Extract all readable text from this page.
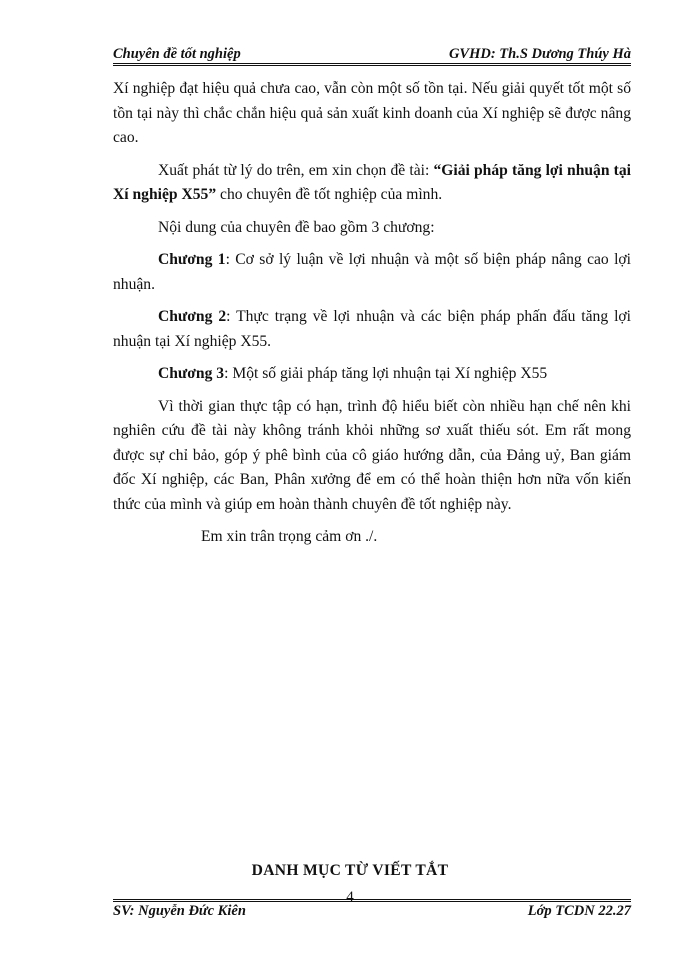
Chuyên đề tốt nghiệp	GVHD: Th.S Dương Thúy Hà

Xí nghiệp đạt hiệu quả chưa cao, vẫn còn một số tồn tại. Nếu giải quyết tốt một số tồn tại này thì chắc chắn hiệu quả sản xuất kinh doanh của Xí nghiệp sẽ được nâng cao.

Xuất phát từ lý do trên, em xin chọn đề tài: “Giải pháp tăng lợi nhuận tại Xí nghiệp X55” cho chuyên đề tốt nghiệp của mình.

Nội dung của chuyên đề bao gồm 3 chương:

Chương 1: Cơ sở lý luận về lợi nhuận và một số biện pháp nâng cao lợi nhuận.

Chương 2: Thực trạng về lợi nhuận và các biện pháp phấn đấu tăng lợi nhuận tại Xí nghiệp X55.

Chương 3: Một số giải pháp tăng lợi nhuận tại Xí nghiệp X55

Vì thời gian thực tập có hạn, trình độ hiểu biết còn nhiều hạn chế nên khi nghiên cứu đề tài này không tránh khỏi những sơ xuất thiếu sót. Em rất mong được sự chỉ bảo, góp ý phê bình của cô giáo hướng dẫn, của Đảng uỷ, Ban giám đốc Xí nghiệp, các Ban, Phân xưởng để em có thể hoàn thiện hơn nữa vốn kiến thức của mình và giúp em hoàn thành chuyên đề tốt nghiệp này.

Em xin trân trọng cảm ơn ./.

DANH MỤC TỪ VIẾT TẮT
4
SV: Nguyễn Đức Kiên	Lớp TCDN 22.27
